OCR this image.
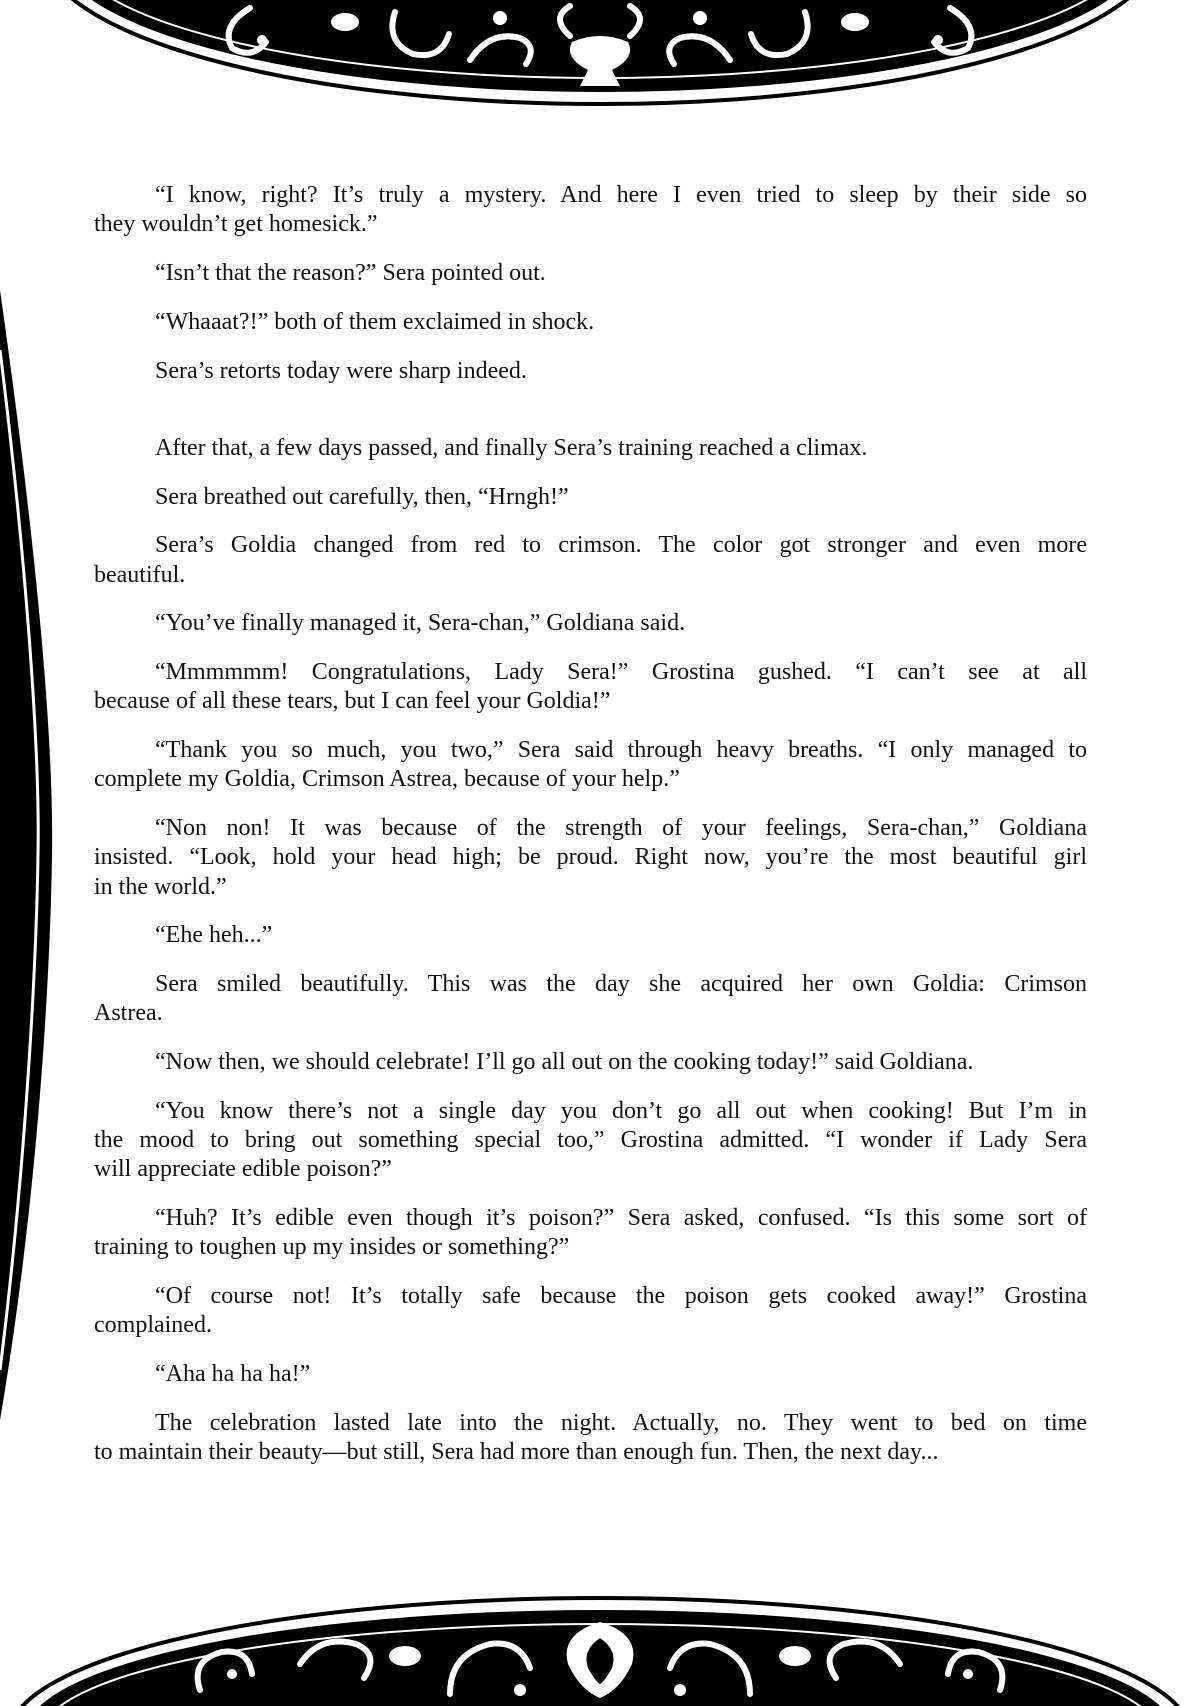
“I know, right? It’s truly a mystery. And here I even tried to sleep by their side so
they wouldn’t get homesick.”
“Isn’t that the reason?” Sera pointed out.
“Whaaat?!” both of them exclaimed in shock.
Sera’s retorts today were sharp indeed.
After that, a few days passed, and finally Sera’s training reached a climax.
Sera breathed out carefully, then, “Hrngh!”
Sera’s Goldia changed from red to crimson. The color got stronger and even more
beautiful.
“You’ve finally managed it, Sera-chan,” Goldiana said.
“Mmmmmm! Congratulations, Lady Sera!” Grostina gushed. “I can’t see at all
because of all these tears, but I can feel your Goldia!”
“Thank you so much, you two,” Sera said through heavy breaths. “I only managed to
complete my Goldia, Crimson Astrea, because of your help.”
“Non non! It was because of the strength of your feelings, Sera-chan,” Goldiana
insisted. “Look, hold your head high; be proud. Right now, you’re the most beautiful girl
in the world.”
“Ehe heh...”
Sera smiled beautifully. This was the day she acquired her own Goldia: Crimson
Astrea.
“Now then, we should celebrate! I’ll go all out on the cooking today!” said Goldiana.
“You know there’s not a single day you don’t go all out when cooking! But I’m in
the mood to bring out something special too,” Grostina admitted. “I wonder if Lady Sera
will appreciate edible poison?”
“Huh? It’s edible even though it’s poison?” Sera asked, confused. “Is this some sort of
training to toughen up my insides or something?”
“Of course not! It’s totally safe because the poison gets cooked away!” Grostina
complained.
“Aha ha ha ha!”
The celebration lasted late into the night. Actually, no. They went to bed on time
to maintain their beauty—but still, Sera had more than enough fun. Then, the next day...
